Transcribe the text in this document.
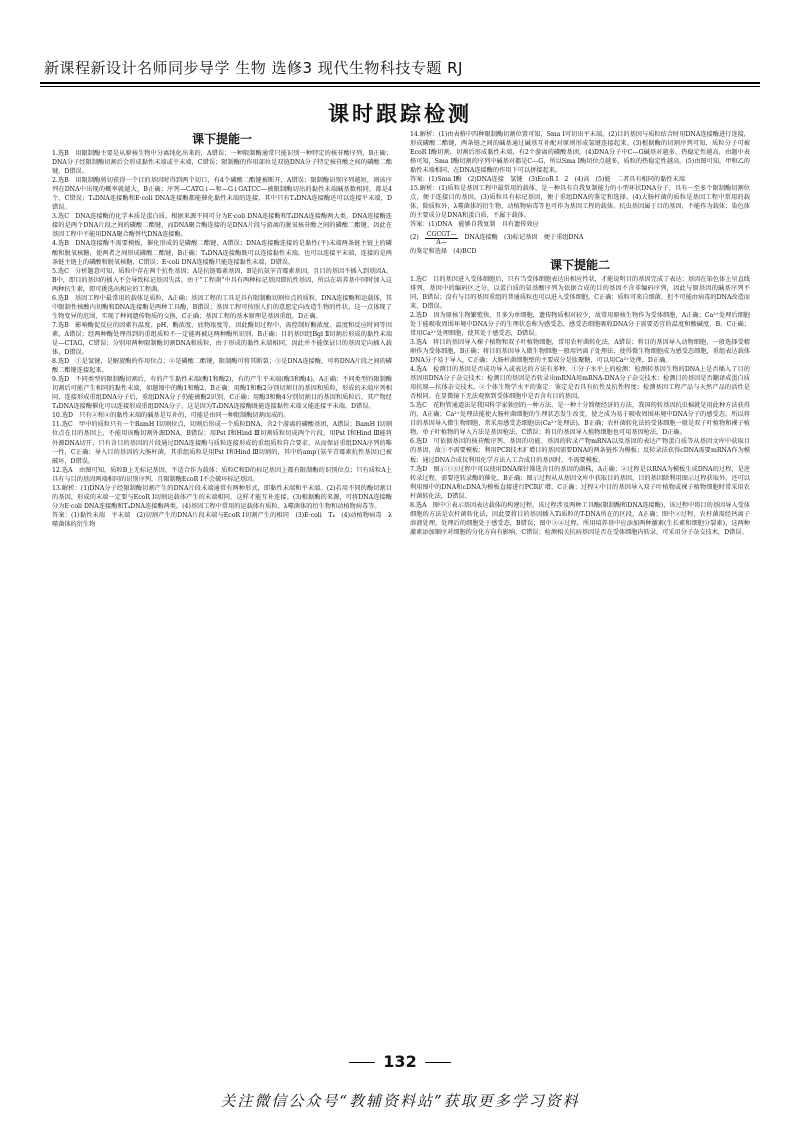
新课程新设计名师同步导学 生物 选修3 现代生物科技专题 RJ
课时跟踪检测
课下提能一

1.选B　用限制酶主要是从原核生物中分离纯化出来的，A错误；一种限制酶通常只能识别一种特定的核苷酸序列，B正确；DNA分子经限制酶切割后会形成黏性末端或平末端，C错误；限制酶的作用部位是双链DNA分子特定核苷酸之间的磷酸二酯键，D错误。

2.选B　用限制酶剪切获得一个目的基因时得到两个切口，有4个磷酸二酯键被断开，A错误；限制酶识别序列越短，则该序列在DNA中出现的概率就越大，B正确；序列—CATG↓—和—G↓GATCC—被限制酶切出的黏性末端碱基数相同，都是4个，C错误；T₄DNA连接酶和E·coli DNA连接酶都能催化黏性末端的连接，其中只有T₄DNA连接酶还可以连接平末端，D错误。

3.选C　DNA连接酶的化学本质是蛋白质，根据来源不同可分为E·coli DNA连接酶和T₄DNA连接酶两大类，DNA连接酶连接的是两个DNA片段之间的磷酸二酯键，而DNA聚合酶连接的是DNA片段与游离的脱氧核苷酸之间的磷酸二酯键，因此在基因工程中不能用DNA聚合酶替代DNA连接酶。

4.选B　DNA连接酶不需要模板，催化形成的是磷酸二酯键，A错误；DNA连接酶连接的是黏性(平)末端两条链主链上的磷酸和脱氧核糖，使两者之间形成磷酸二酯键，B正确；T₄DNA连接酶既可以连接黏性末端，也可以连接平末端，连接的是两条链主链上的磷酸和脱氧核糖，C错误；E·coli DNA连接酶只能连接黏性末端，D错误。

5.选C　分析题意可知，质粒中存在两个抗性基因；A是抗链霉素基因，B是抗氨苄青霉素基因，且目的基因不插入到基因A、B中，即目的基因的插入不会导致标记基因失活。由于“工程菌”中具有两种标记基因即抗性基因，所以在培养基中同时加入这两种抗生素，即可挑选出相应的工程菌。

6.选B　基因工程中最常用的载体是质粒，A正确；基因工程的工具是具有限制酶切割位点的质粒、DNA连接酶和运载体，其中限制性核酸内切酶和DNA连接酶是两种工具酶，B错误；基因工程可按照人们的意愿定向改造生物的性状，这一点体现了生物变异的范围，实现了种间遗传物质的交换，C正确；基因工程的基本原理是基因重组，D正确。

7.选B　影响酶促反应的因素有温度、pH、酶浓度、底物浓度等，因此酶切过程中，需控制好酶浓度、温度和反应时间等因素，A错误；经两种酶处理得到的重组质粒不一定能再被这两种酶所识别，B正确；目的基因经Bgl Ⅱ切割后形成的黏性末端是—CTAG，C错误；分别用两种限制酶切割DNA和质粒，由于形成的黏性末端相同，因此并不能保证目的基因定向插入载体，D错误。

8.选D　①是氢键，是解旋酶的作用位点；②是磷酸二酯键，限制酶可将其断裂；③是DNA连接酶，可将DNA片段之间的磷酸二酯键连接起来。

9.选D　不同类型的限制酶切割后，有的产生黏性末端(酶1和酶2)，有的产生平末端(酶3和酶4)，A正确；不同类型的限制酶切割后可能产生相同的黏性末端，如题图中的酶1和酶2，B正确；用酶1和酶2分别切割目的基因和质粒，形成的末端序列相同，连接形成重组DNA分子后，重组DNA分子仍能被酶2识别，C正确；用酶3和酶4分别切割目的基因和质粒后，其产物经T₄DNA连接酶催化可以连接形成重组DNA分子，这是因为T₄DNA连接酶既能连接黏性末端又能连接平末端，D错误。

10.选D　只有②和④的黏性末端的碱基是互补的，可能是由同一种限制酶切割而成的。

11.选C　甲中的质粒只有一个BamH Ⅰ切割位点，切割后形成一个质粒DNA，含2个游离的磷酸基团，A错误；BamH Ⅰ切割位点在目的基因上，不能用该酶切割外源DNA，B错误；用Pst Ⅰ和Hind Ⅲ切割质粒切成两个片段，用Pst Ⅰ和Hind Ⅲ能将外源DNA切开，只有含目的基因的片段通过DNA连接酶与质粒连接形成的重组质粒符合要求，从而保证重组DNA序列的唯一性，C正确；导入目的基因的大肠杆菌，其重组质粒是用Pst Ⅰ和Hind Ⅲ切割的，其中的amp′(氨苄青霉素抗性基因)已被破坏，D错误。

12.选A　由图可知，质粒B上无标记基因，不适合作为载体；质粒C和D的标记基因上都有限制酶的识别位点；只有质粒A上具有与目的基因两端相同的识别序列，且限制酶EcoR Ⅰ不会破坏标记基因。

13.解析：(1)DNA分子经限制酶切割产生的DNA片段末端通常有两种形式，即黏性末端和平末端。(2)若用不同的酶切割目的基因，形成的末端一定要与EcoR Ⅰ切割运载体产生的末端相同，这样才能互补连接。(3)根据酶的来源，可将DNA连接酶分为E·coli DNA连接酶和T₄DNA连接酶两类。(4)基因工程中常用的运载体有质粒、λ噬菌体的衍生物和动植物病毒等。

答案：(1)黏性末端　平末端　(2)切割产生的DNA片段末端与EcoR Ⅰ切割产生的相同　(3)E·coli　T₄　(4)动植物病毒　λ噬菌体的衍生物

14.解析：(1)由表格中四种限制酶切割位置可知，Sma Ⅰ可切出平末端。(2)目的基因与质粒结合时用DNA连接酶进行连接，形成磷酸二酯键，两条链之间的碱基通过碱基互补配对原则形成氢键连接起来。(3)根据酶的切割序列可知，质粒分子可被EcoR Ⅰ酶切割，切割后形成黏性末端，有2个游离的磷酸基团。(4)DNA分子中C—G碱基对越多，热稳定性越高，由题中表格可知，Sma Ⅰ酶切割的序列中碱基对都是C—G，所以Sma Ⅰ酶切位点越多，质粒的热稳定性越高。(5)由图可知，甲和乙的黏性末端相同，在DNA连接酶的作用下可以拼接起来。

答案：(1)Sma Ⅰ酶　(2)DNA连接　氢键　(3)EcoR Ⅰ　2　(4)高　(5)能　二者具有相同的黏性末端

15.解析：(1)质粒是基因工程中最常用的载体，是一种具有自我复制能力的小型环状DNA分子，具有一至多个限制酶切割位点，便于连接目的基因。(3)质粒具有标记基因，便于重组DNA的鉴定和选择。(4)大肠杆菌的质粒是基因工程中常用的载体，除质粒外，λ噬菌体的衍生物、动植物病毒等也可作为基因工程的载体。抗虫基因属于目的基因，不能作为载体；染色体的主要成分是DNA和蛋白质，不属于载体。

答案：(1)DNA　能够自我复制　具有遗传效应

$(2) \frac{\text{CGCGT—}}{A—}$ DNA连接酶　(3)标记基因　便于重组DNA

的鉴定和选择　(4)BCD

课下提能二

1.选C　目的基因进入受体细胞后，只有当受体细胞表达出相应性状，才能说明目的基因完成了表达；基因在染色体上呈直线排列，基因中的编码区之分，以蛋白质的氨基酸序列为依据合成的目的基因不含非编码序列，因此与原基因的碱基序列不同，B错误；没有与目的基因重组的普通质粒也可以进入受体细胞，C正确；质粒可来自细菌，但不可能由病毒的DNA改造而来，D错误。

2.选D　因为原核生物繁殖快，且多为单细胞，遗传物质相对较少，故常用原核生物作为受体细胞，A正确；Ca²⁺处理后细胞处于能吸收周围环境中DNA分子的生理状态称为感受态，感受态细胞吸收DNA分子需要适宜的温度和酸碱度，B、C正确；常用Ca²⁺处理细胞，使其处于感受态，D错误。

3.选A　将目的基因导入裸子植物和双子叶植物细胞，常用农杆菌转化法，A错误；将目的基因导入动物细胞，一般选择受精卵作为受体细胞，B正确；将目的基因导入微生物细胞一般用钙离子处理法，使得微生物细胞成为感受态细胞，重组表达载体DNA分子易于导入，C正确；大肠杆菌细胞壁的主要成分是肽聚糖，可以用Ca²⁺处理，D正确。

4.选A　检测目的基因是否成功导入或表达的方法有多种。①分子水平上的检测：检测转基因生物的DNA上是否插入了目的基因用DNA分子杂交技术；检测目的基因是否转录出mRNA用mRNA-DNA分子杂交技术；检测目的基因是否翻译成蛋白质用抗原—抗体杂交技术。②个体生物学水平的鉴定：鉴定是否具有抗性及抗性程度；检测基因工程产品与天然产品的活性是否相同。在显微镜下无法观察到受体细胞中是否含有目的基因。

5.选C　花粉管通道法是我国科学家独创的一种方法，是一种十分简便经济的方法，我国的转基因抗虫棉就是用此种方法获得的，A正确；Ca²⁺处理法能使大肠杆菌细胞的生理状态发生改变，使之成为易于吸收周围环境中DNA分子的感受态，所以将目的基因导入微生物细胞，常采用感受态细胞法(Ca²⁺处理法)，B正确；农杆菌转化法的受体细胞一般是双子叶植物和裸子植物，单子叶植物的导入方法是基因枪法，C错误；将目的基因导入植物细胞也可用基因枪法，D正确。

6.选D　可依据基因的核苷酸序列、基因的功能、基因的转录产物mRNA以及基因的表达产物蛋白质等从基因文库中获取目的基因，故①不需要模板；利用PCR技术扩增目的基因需要DNA的两条链作为模板；反转录法获得cDNA需要mRNA作为模板；通过DNA合成仪利用化学方法人工合成目的基因时，不需要模板。

7.选D　图示①③过程中可以使用DNA探针筛选含目的基因的菌株，A正确；②过程是以RNA为模板生成DNA的过程，是逆转录过程，需要逆转录酶的催化，B正确；图示过程从从基因文库中获取目的基因，目的基因除利用图示过程获取外，还可以利用图中的DNA和cDNA为模板直接进行PCR扩增，C正确；过程④中目的基因导入双子叶植物或裸子植物细胞时常采用农杆菌转化法，D错误。

8.选A　图中①表示基因表达载体的构建过程，该过程涉及两种工具酶(限制酶和DNA连接酶)，该过程中将目的基因导入受体细胞的方法是农杆菌转化法，因此要将目的基因插入Ti质粒的T-DNA所在的区段，A正确；图中②过程，农杆菌需经钙离子溶液处理，处理后的细胞处于感受态，B错误；图中③④过程，所用培养基中应添加两种激素(生长素和细胞分裂素)，这两种激素添加顺序对细胞的分化方向有影响，C错误；检测相关抗病基因是否在受体细胞内转录，可采用分子杂交技术，D错误。

132
关注微信公众号“教辅资料站”获取更多学习资料
